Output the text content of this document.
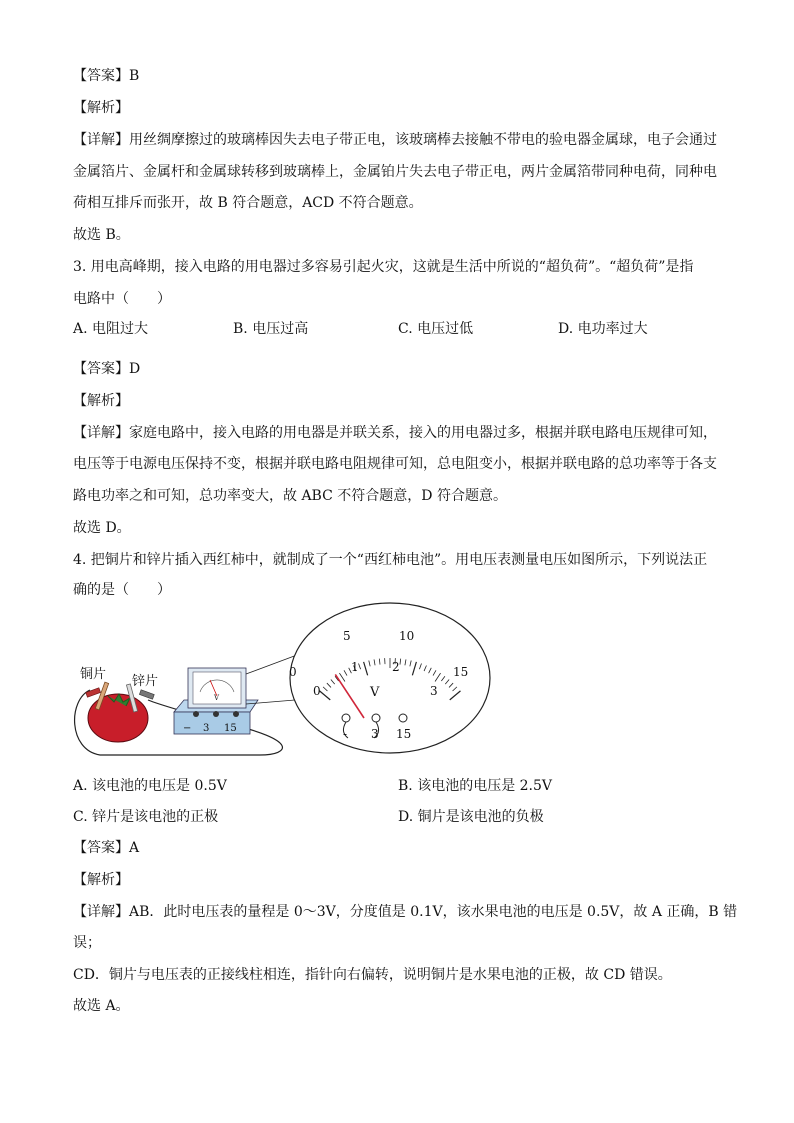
【答案】B
【解析】
【详解】用丝绸摩擦过的玻璃棒因失去电子带正电，该玻璃棒去接触不带电的验电器金属球，电子会通过
金属箔片、金属杆和金属球转移到玻璃棒上，金属铂片失去电子带正电，两片金属箔带同种电荷，同种电
荷相互排斥而张开，故 B 符合题意，ACD 不符合题意。
故选 B。
3. 用电高峰期，接入电路的用电器过多容易引起火灾，这就是生活中所说的“超负荷”。“超负荷”是指
电路中（　　）
A. 电阻过大	B. 电压过高	C. 电压过低	D. 电功率过大
【答案】D
【解析】
【详解】家庭电路中，接入电路的用电器是并联关系，接入的用电器过多，根据并联电路电压规律可知，
电压等于电源电压保持不变，根据并联电路电阻规律可知，总电阻变小，根据并联电路的总功率等于各支
路电功率之和可知，总功率变大，故 ABC 不符合题意，D 符合题意。
故选 D。
4. 把铜片和锌片插入西红柿中，就制成了一个“西红柿电池”。用电压表测量电压如图所示，下列说法正
确的是（　　）
铜片 锌片
V
− 3 15
0
5	10
15
0
1	2
3
V
- 3 15
A. 该电池的电压是 0.5V	B. 该电池的电压是 2.5V
C. 锌片是该电池的正极	D. 铜片是该电池的负极
【答案】A
【解析】
【详解】AB．此时电压表的量程是 0～3V，分度值是 0.1V，该水果电池的电压是 0.5V，故 A 正确，B 错
误；
CD．铜片与电压表的正接线柱相连，指针向右偏转，说明铜片是水果电池的正极，故 CD 错误。
故选 A。
